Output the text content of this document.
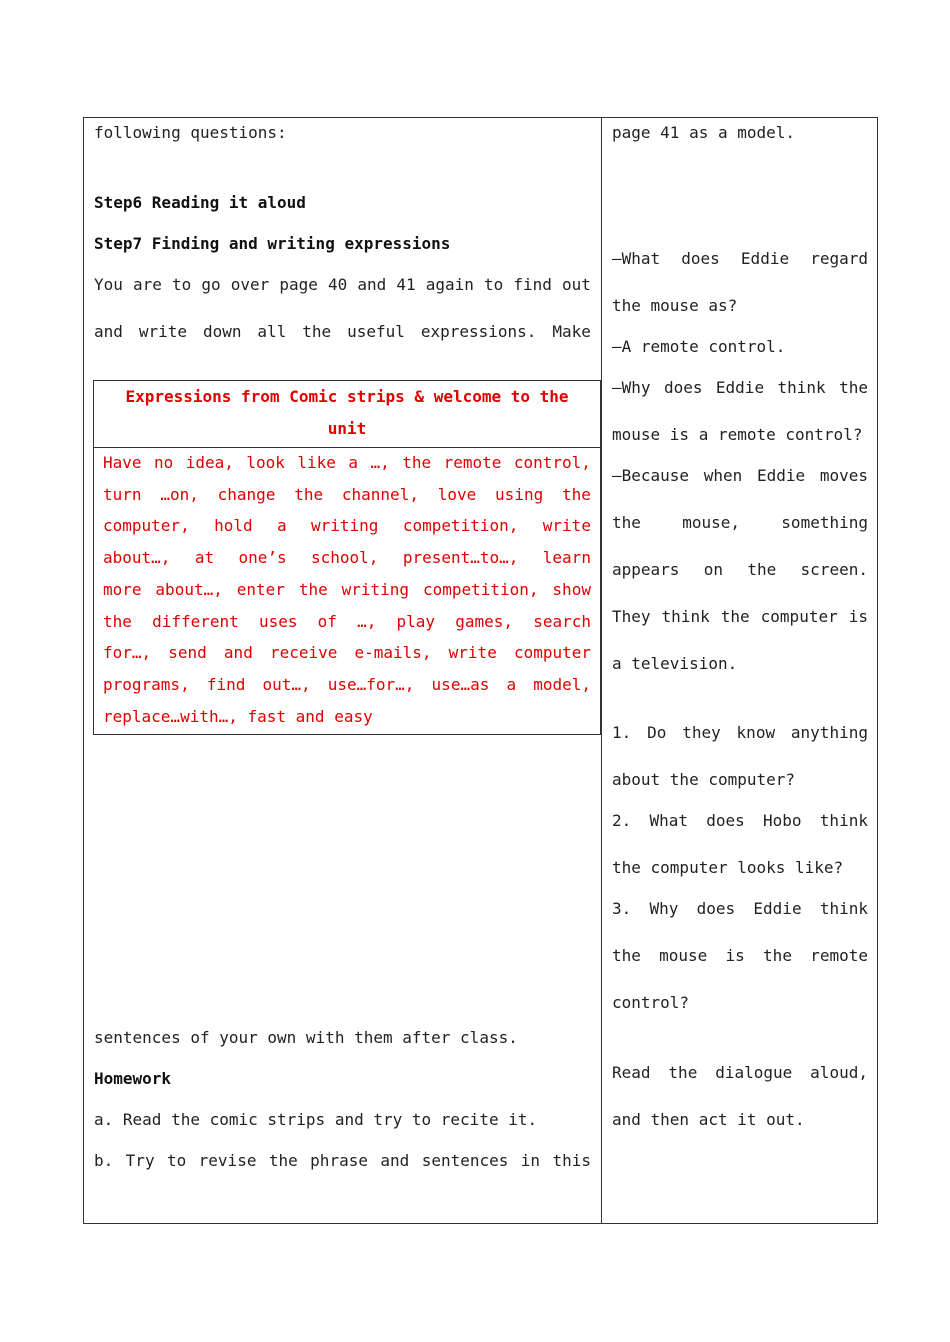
following questions:
Step6 Reading it aloud
Step7 Finding and writing expressions
You are to go over page 40 and 41 again to find out
and write down all the useful expressions. Make
Expressions from Comic strips & welcome to the
unit
Have no idea, look like a …, the remote control,
turn …on, change the channel, love using the
computer, hold a writing competition, write
about…, at one’s school, present…to…, learn
more about…, enter the writing competition, show
the different uses of …, play games, search
for…, send and receive e-mails, write computer
programs, find out…, use…for…, use…as a model,
replace…with…, fast and easy
sentences of your own with them after class.
Homework
a. Read the comic strips and try to recite it.
b. Try to revise the phrase and sentences in this
page 41 as a model.
—What does Eddie regard
the mouse as?
—A remote control.
—Why does Eddie think the
mouse is a remote control?
—Because when Eddie moves
the	mouse,	something
appears on the screen.
They think the computer is
a television.
1. Do they know anything
about the computer?
2. What does Hobo think
the computer looks like?
3. Why does Eddie think
the mouse is the remote
control?
Read the dialogue aloud,
and then act it out.
